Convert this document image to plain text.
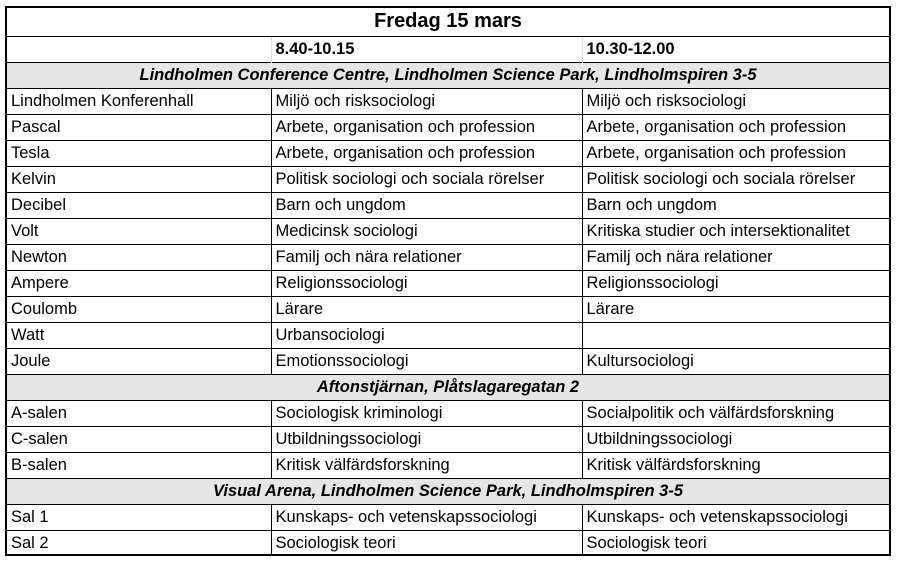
Fredag 15 mars		
	8.40-10.15	10.30-12.00
Lindholmen Conference Centre, Lindholmen Science Park, Lindholmspiren 3-5		
Lindholmen Konferenhall	Miljö och risksociologi	Miljö och risksociologi
Pascal	Arbete, organisation och profession	Arbete, organisation och profession
Tesla	Arbete, organisation och profession	Arbete, organisation och profession
Kelvin	Politisk sociologi och sociala rörelser	Politisk sociologi och sociala rörelser
Decibel	Barn och ungdom	Barn och ungdom
Volt	Medicinsk sociologi	Kritiska studier och intersektionalitet
Newton	Familj och nära relationer	Familj och nära relationer
Ampere	Religionssociologi	Religionssociologi
Coulomb	Lärare	Lärare
Watt	Urbansociologi	
Joule	Emotionssociologi	Kultursociologi
Aftonstjärnan, Plåtslagaregatan 2		
A-salen	Sociologisk kriminologi	Socialpolitik och välfärdsforskning
C-salen	Utbildningssociologi	Utbildningssociologi
B-salen	Kritisk välfärdsforskning	Kritisk välfärdsforskning
Visual Arena, Lindholmen Science Park, Lindholmspiren 3-5		
Sal 1	Kunskaps- och vetenskapssociologi	Kunskaps- och vetenskapssociologi
Sal 2	Sociologisk teori	Sociologisk teori
